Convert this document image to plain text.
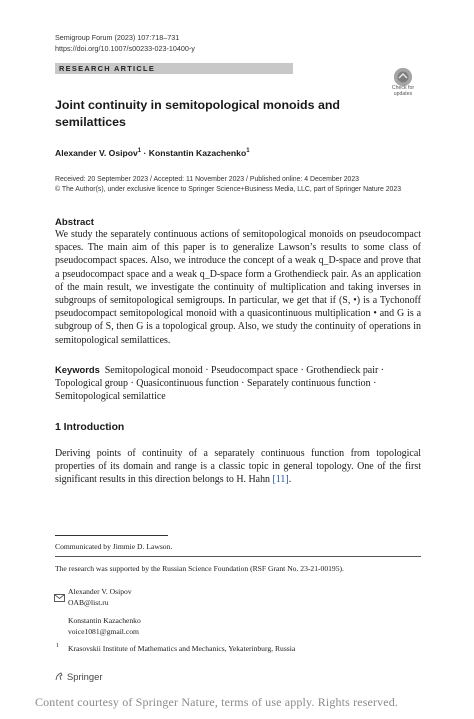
Semigroup Forum (2023) 107:718–731
https://doi.org/10.1007/s00233-023-10400-y
RESEARCH ARTICLE
Check for
updates
Joint continuity in semitopological monoids and semilattices
Alexander V. Osipov$^1$ · Konstantin Kazachenko$^1$
Received: 20 September 2023 / Accepted: 11 November 2023 / Published online: 4 December 2023
© The Author(s), under exclusive licence to Springer Science+Business Media, LLC, part of Springer Nature 2023
Abstract
We study the separately continuous actions of semitopological monoids on pseudocompact spaces. The main aim of this paper is to generalize Lawson’s results to some class of pseudocompact spaces. Also, we introduce the concept of a weak q_D-space and prove that a pseudocompact space and a weak q_D-space form a Grothendieck pair. As an application of the main result, we investigate the continuity of multiplication and taking inverses in subgroups of semitopological semigroups. In particular, we get that if (S, •) is a Tychonoff pseudocompact semitopological monoid with a quasicontinuous multiplication • and G is a subgroup of S, then G is a topological group. Also, we study the continuity of operations in semitopological semilattices.
Keywords Semitopological monoid · Pseudocompact space · Grothendieck pair · Topological group · Quasicontinuous function · Separately continuous function · Semitopological semilattice
1 Introduction
Deriving points of continuity of a separately continuous function from topological properties of its domain and range is a classic topic in general topology. One of the first significant results in this direction belongs to H. Hahn [11].
Communicated by Jimmie D. Lawson.
The research was supported by the Russian Science Foundation (RSF Grant No. 23-21-00195).
Alexander V. Osipov
OAB@list.ru
Konstantin Kazachenko
voice1081@gmail.com
1 Krasovskii Institute of Mathematics and Mechanics, Yekaterinburg, Russia
Springer
Content courtesy of Springer Nature, terms of use apply. Rights reserved.
